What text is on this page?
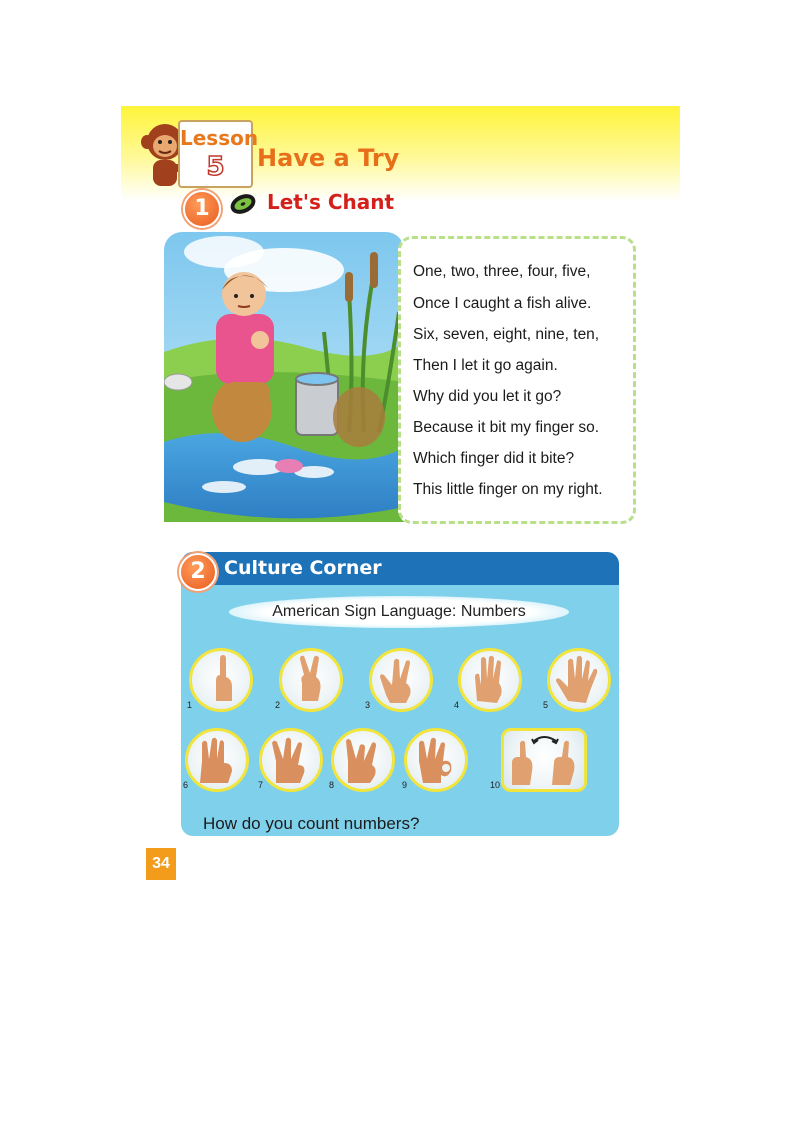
Lesson
5	Have a Try
1	Let's Chant
One, two, three, four, five,
Once I caught a fish alive.
Six, seven, eight, nine, ten,
Then I let it go again.
Why did you let it go?
Because it bit my finger so.
Which finger did it bite?
This little finger on my right.
2 Culture Corner
American Sign Language: Numbers
1	2	3	4	5
6	7	8	9	10
How do you count numbers?
34
